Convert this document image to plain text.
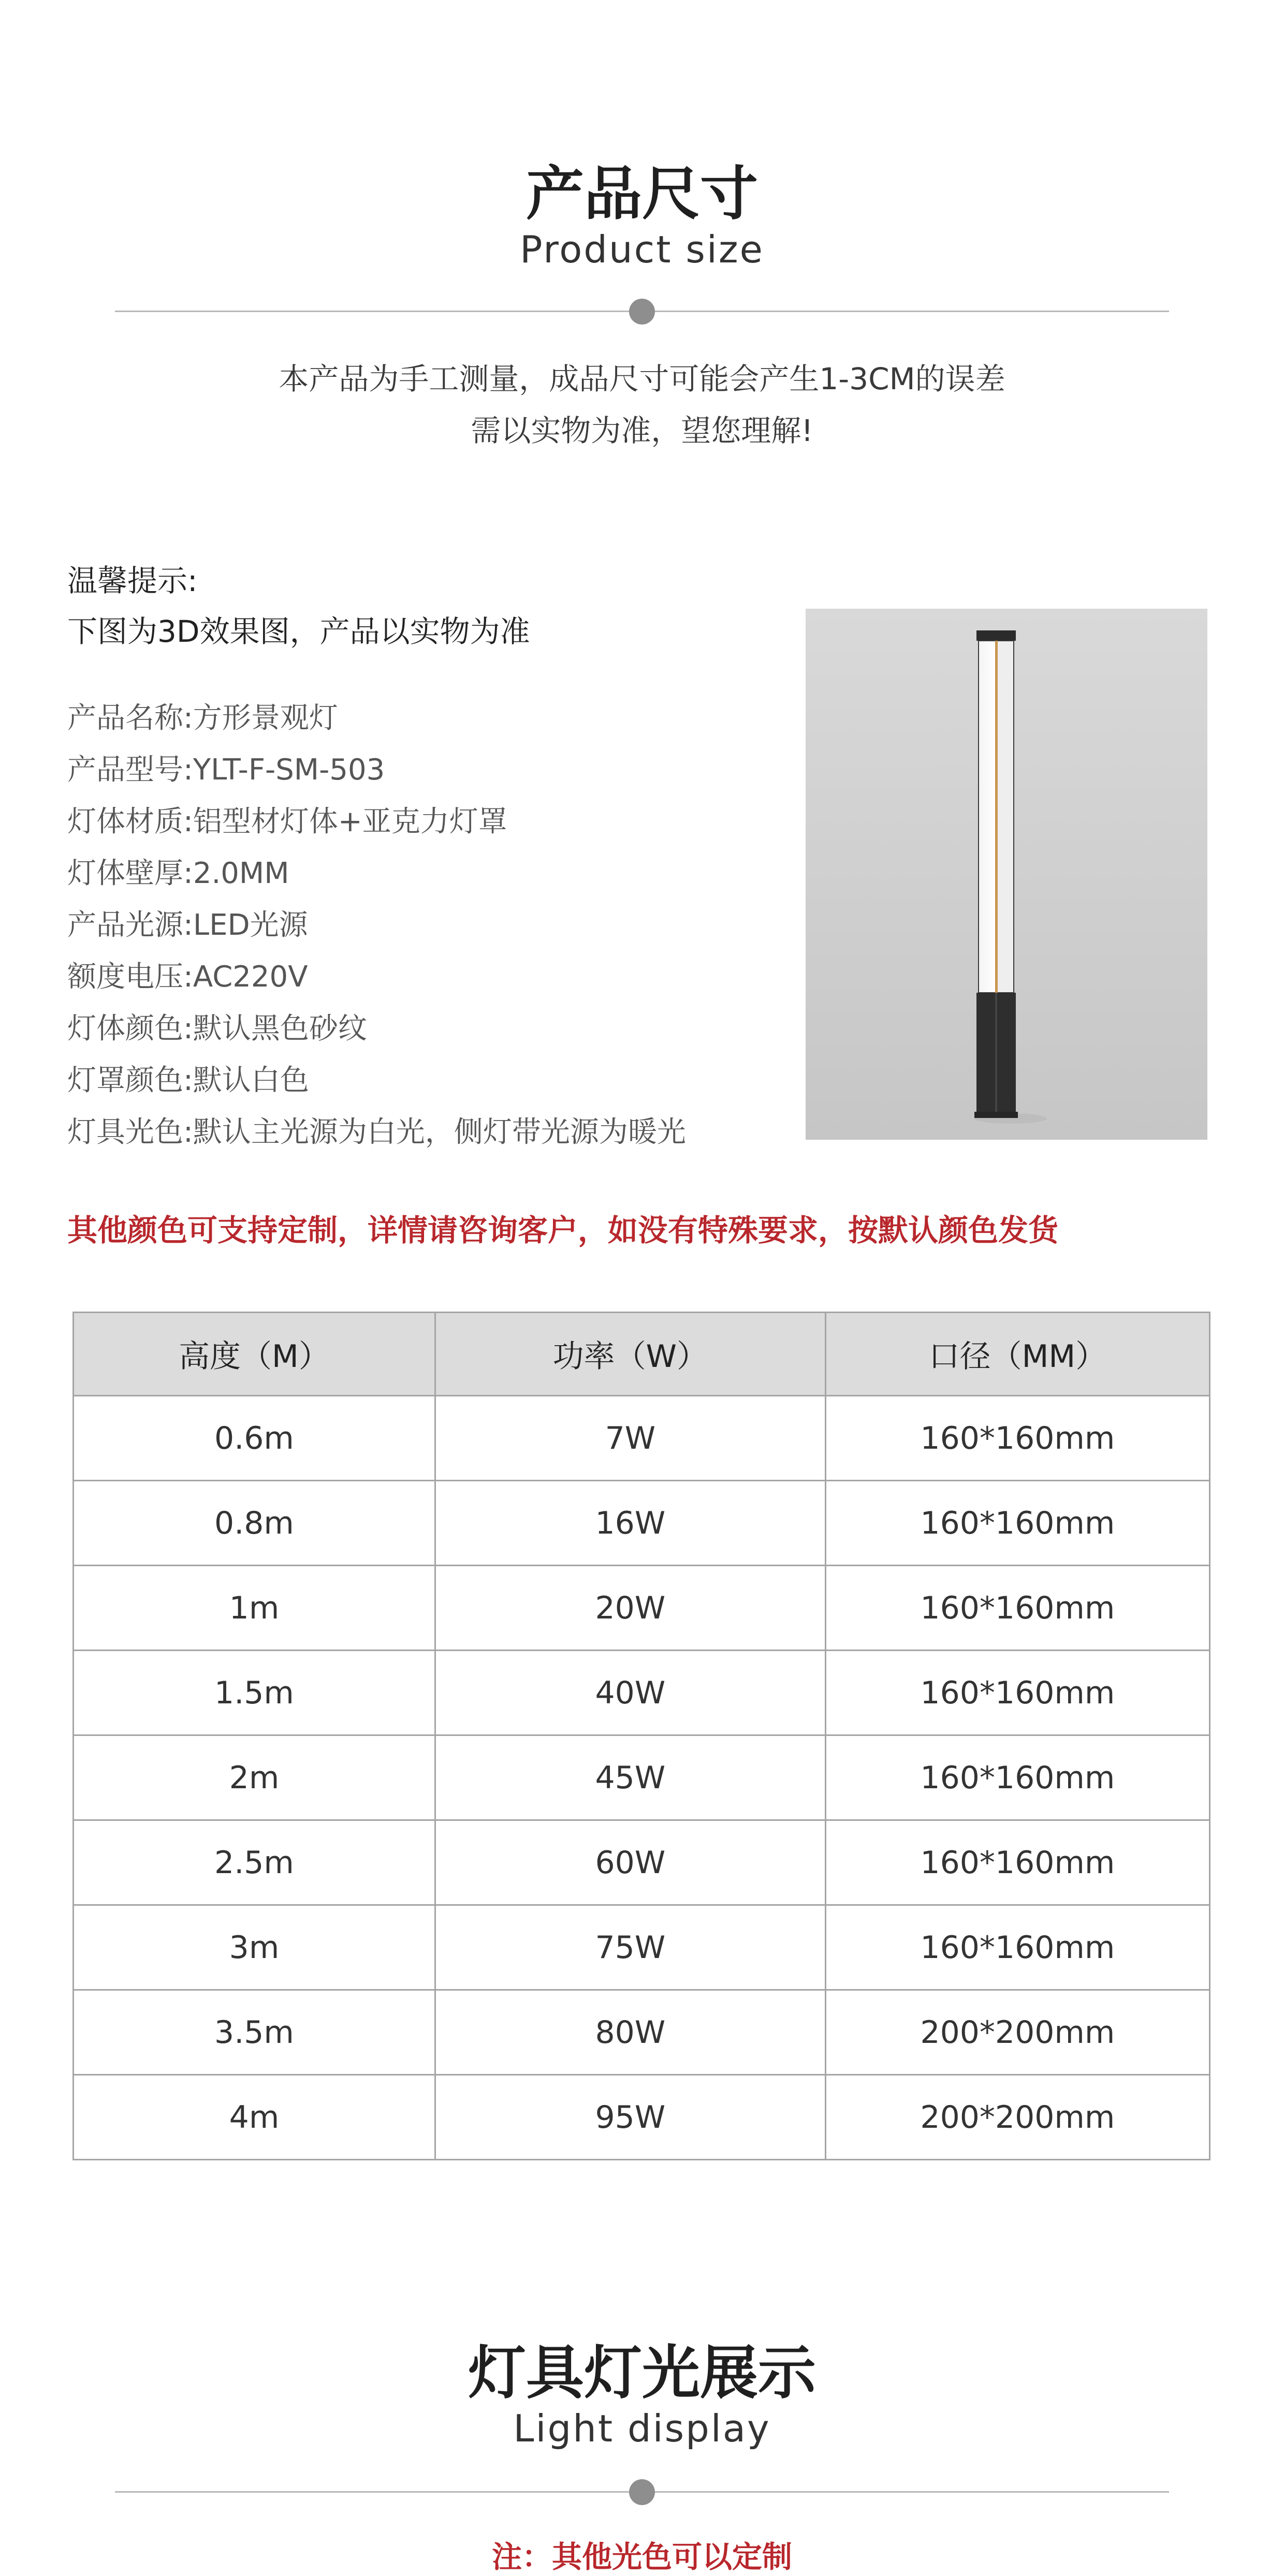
产品尺寸
Product size
本产品为手工测量，成品尺寸可能会产生1-3CM的误差
需以实物为准，望您理解!
温馨提示:
下图为3D效果图，产品以实物为准
产品名称:方形景观灯
产品型号:YLT-F-SM-503
灯体材质:铝型材灯体+亚克力灯罩
灯体壁厚:2.0MM
产品光源:LED光源
额度电压:AC220V
灯体颜色:默认黑色砂纹
灯罩颜色:默认白色
灯具光色:默认主光源为白光，侧灯带光源为暖光
其他颜色可支持定制，详情请咨询客户，如没有特殊要求，按默认颜色发货
高度（M）	功率（W）	口径（MM）
0.6m	7W	160*160mm
0.8m	16W	160*160mm
1m	20W	160*160mm
1.5m	40W	160*160mm
2m	45W	160*160mm
2.5m	60W	160*160mm
3m	75W	160*160mm
3.5m	80W	200*200mm
4m	95W	200*200mm
灯具灯光展示
Light display
注：其他光色可以定制
